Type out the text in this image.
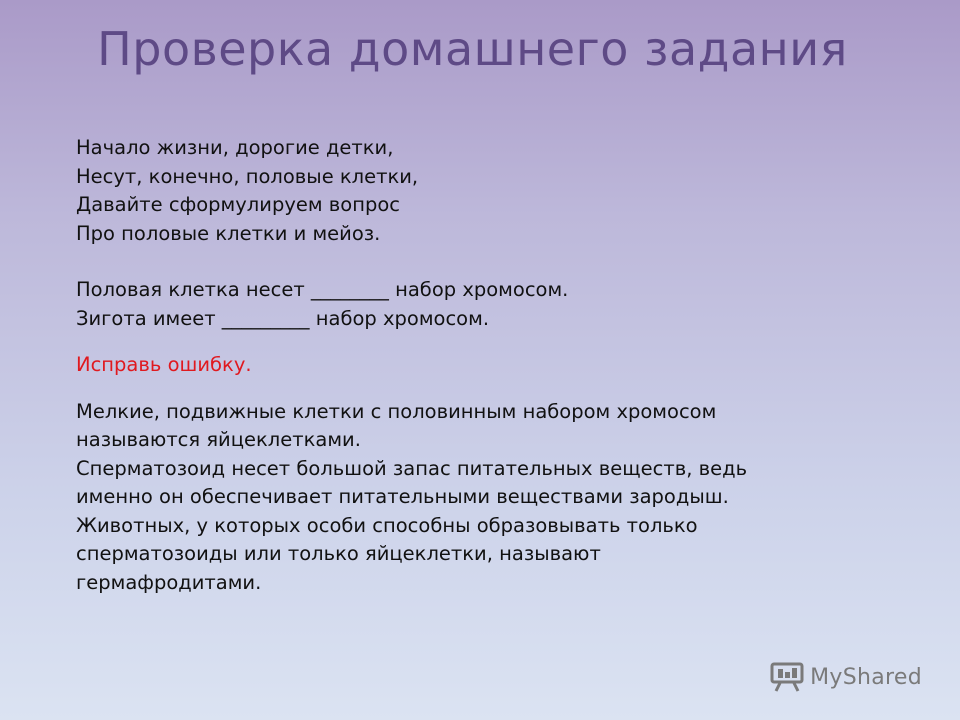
Проверка домашнего задания
Начало жизни, дорогие детки,
Несут, конечно, половые клетки,
Давайте сформулируем вопрос
Про половые клетки и мейоз.
Половая клетка несет ________ набор хромосом.
Зигота имеет _________ набор хромосом.
Исправь ошибку.
Мелкие, подвижные клетки с половинным набором хромосом
называются яйцеклетками.
Сперматозоид несет большой запас питательных веществ, ведь
именно он обеспечивает питательными веществами зародыш.
Животных, у которых особи способны образовывать только
сперматозоиды или только яйцеклетки, называют
гермафродитами.
MyShared
